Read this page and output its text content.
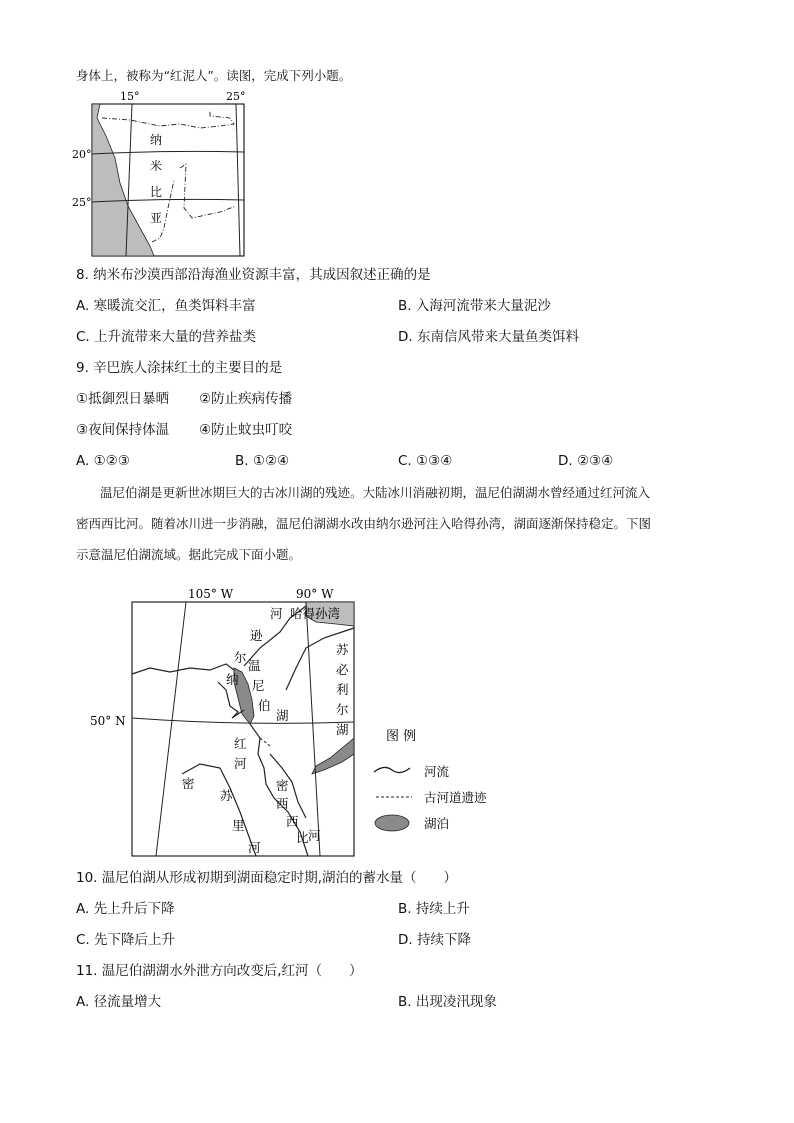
身体上，被称为“红泥人”。读图，完成下列小题。
15°	25°
20°
25°
纳
米
比
亚
8. 纳米布沙漠西部沿海渔业资源丰富，其成因叙述正确的是
A. 寒暖流交汇，鱼类饵料丰富	B. 入海河流带来大量泥沙
C. 上升流带来大量的营养盐类	D. 东南信风带来大量鱼类饵料
9. 辛巴族人涂抹红土的主要目的是
①抵御烈日暴晒 ②防止疾病传播
③夜间保持体温 ④防止蚊虫叮咬
A. ①②③	B. ①②④	C. ①③④	D. ②③④
温尼伯湖是更新世冰期巨大的古冰川湖的残迹。大陆冰川消融初期，温尼伯湖湖水曾经通过红河流入
密西西比河。随着冰川进一步消融，温尼伯湖湖水改由纳尔逊河注入哈得孙湾，湖面逐渐保持稳定。下图
示意温尼伯湖流域。据此完成下面小题。
105° W	90° W
50° N
哈得孙湾
河
逊
尔
纳
温
尼
伯
湖
苏
必
利
尔
湖
红
河
密
苏
里
河
密
西
西
比 河
图 例
河流
古河道遗迹
湖泊
10. 温尼伯湖从形成初期到湖面稳定时期,湖泊的蓄水量（　　）
A. 先上升后下降	B. 持续上升
C. 先下降后上升	D. 持续下降
11. 温尼伯湖湖水外泄方向改变后,红河（　　）
A. 径流量增大	B. 出现凌汛现象
